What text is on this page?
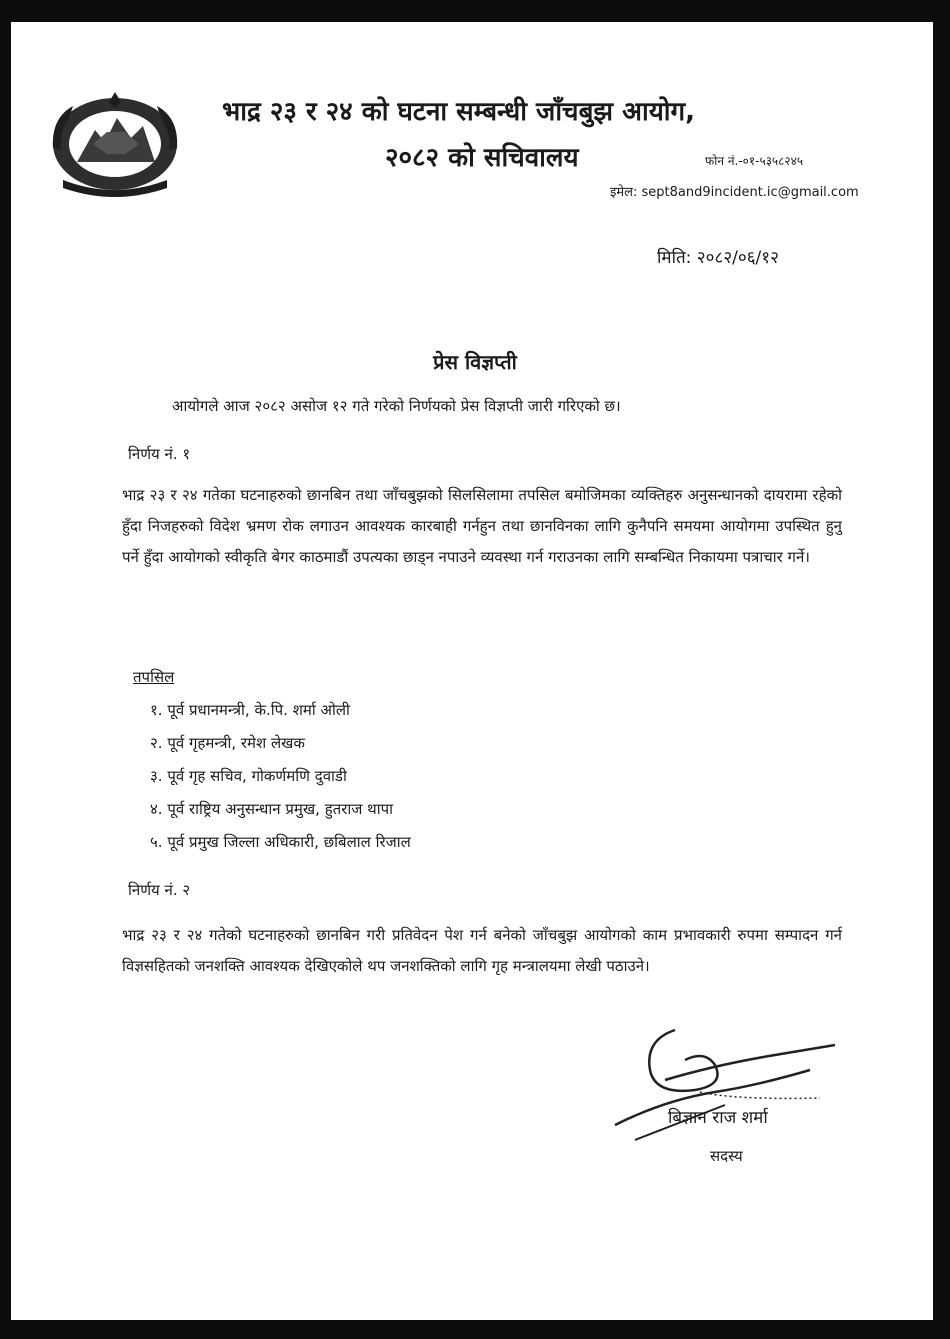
भाद्र २३ र २४ को घटना सम्बन्धी जाँचबुझ आयोग,
२०८२ को सचिवालय	फोन नं.-०१-५३५८२४५
इमेल: sept8and9incident.ic@gmail.com
मिति: २०८२/०६/१२
प्रेस विज्ञप्ती
आयोगले आज २०८२ असोज १२ गते गरेको निर्णयको प्रेस विज्ञप्ती जारी गरिएको छ।
निर्णय नं. १
भाद्र २३ र २४ गतेका घटनाहरुको छानबिन तथा जाँचबुझको सिलसिलामा तपसिल बमोजिमका व्यक्तिहरु अनुसन्धानको दायरामा रहेको हुँदा निजहरुको विदेश भ्रमण रोक लगाउन आवश्यक कारबाही गर्नहुन तथा छानविनका लागि कुनैपनि समयमा आयोगमा उपस्थित हुनु पर्ने हुँदा आयोगको स्वीकृति बेगर काठमाडौं उपत्यका छाड्न नपाउने व्यवस्था गर्न गराउनका लागि सम्बन्धित निकायमा पत्राचार गर्ने।
तपसिल
१. पूर्व प्रधानमन्त्री, के.पि. शर्मा ओली
२. पूर्व गृहमन्त्री, रमेश लेखक
३. पूर्व गृह सचिव, गोकर्णमणि दुवाडी
४. पूर्व राष्ट्रिय अनुसन्धान प्रमुख, हुतराज थापा
५. पूर्व प्रमुख जिल्ला अधिकारी, छबिलाल रिजाल
निर्णय नं. २
भाद्र २३ र २४ गतेको घटनाहरुको छानबिन गरी प्रतिवेदन पेश गर्न बनेको जाँचबुझ आयोगको काम प्रभावकारी रुपमा सम्पादन गर्न विज्ञसहितको जनशक्ति आवश्यक देखिएकोले थप जनशक्तिको लागि गृह मन्त्रालयमा लेखी पठाउने।
बिज्ञान राज शर्मा
सदस्य
